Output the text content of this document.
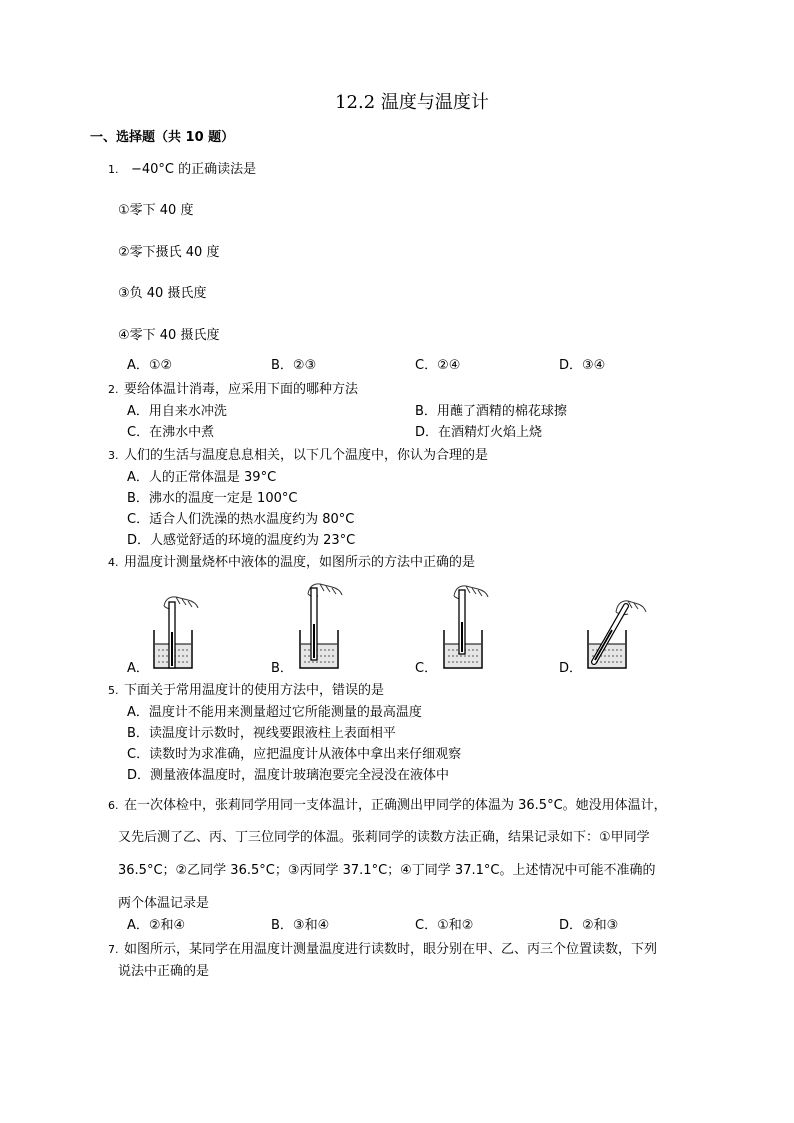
12.2 温度与温度计
一、选择题（共 10 题）
1. −40°C 的正确读法是
①零下 40 度
②零下摄氏 40 度
③负 40 摄氏度
④零下 40 摄氏度
A．①②	B．②③	C．②④	D．③④
2. 要给体温计消毒，应采用下面的哪种方法
A．用自来水冲洗	B．用蘸了酒精的棉花球擦
C．在沸水中煮	D．在酒精灯火焰上烧
3. 人们的生活与温度息息相关，以下几个温度中，你认为合理的是
A．人的正常体温是 39°C
B．沸水的温度一定是 100°C
C．适合人们洗澡的热水温度约为 80°C
D．人感觉舒适的环境的温度约为 23°C
4. 用温度计测量烧杯中液体的温度，如图所示的方法中正确的是
A．	B．	C．	D．
5. 下面关于常用温度计的使用方法中，错误的是
A．温度计不能用来测量超过它所能测量的最高温度
B．读温度计示数时，视线要跟液柱上表面相平
C．读数时为求准确，应把温度计从液体中拿出来仔细观察
D．测量液体温度时，温度计玻璃泡要完全浸没在液体中
6. 在一次体检中，张莉同学用同一支体温计，正确测出甲同学的体温为 36.5°C。她没用体温计，
又先后测了乙、丙、丁三位同学的体温。张莉同学的读数方法正确，结果记录如下：①甲同学
36.5°C；②乙同学 36.5°C；③丙同学 37.1°C；④丁同学 37.1°C。上述情况中可能不准确的
两个体温记录是
A．②和④	B．③和④	C．①和②	D．②和③
7. 如图所示，某同学在用温度计测量温度进行读数时，眼分别在甲、乙、丙三个位置读数，下列
说法中正确的是
